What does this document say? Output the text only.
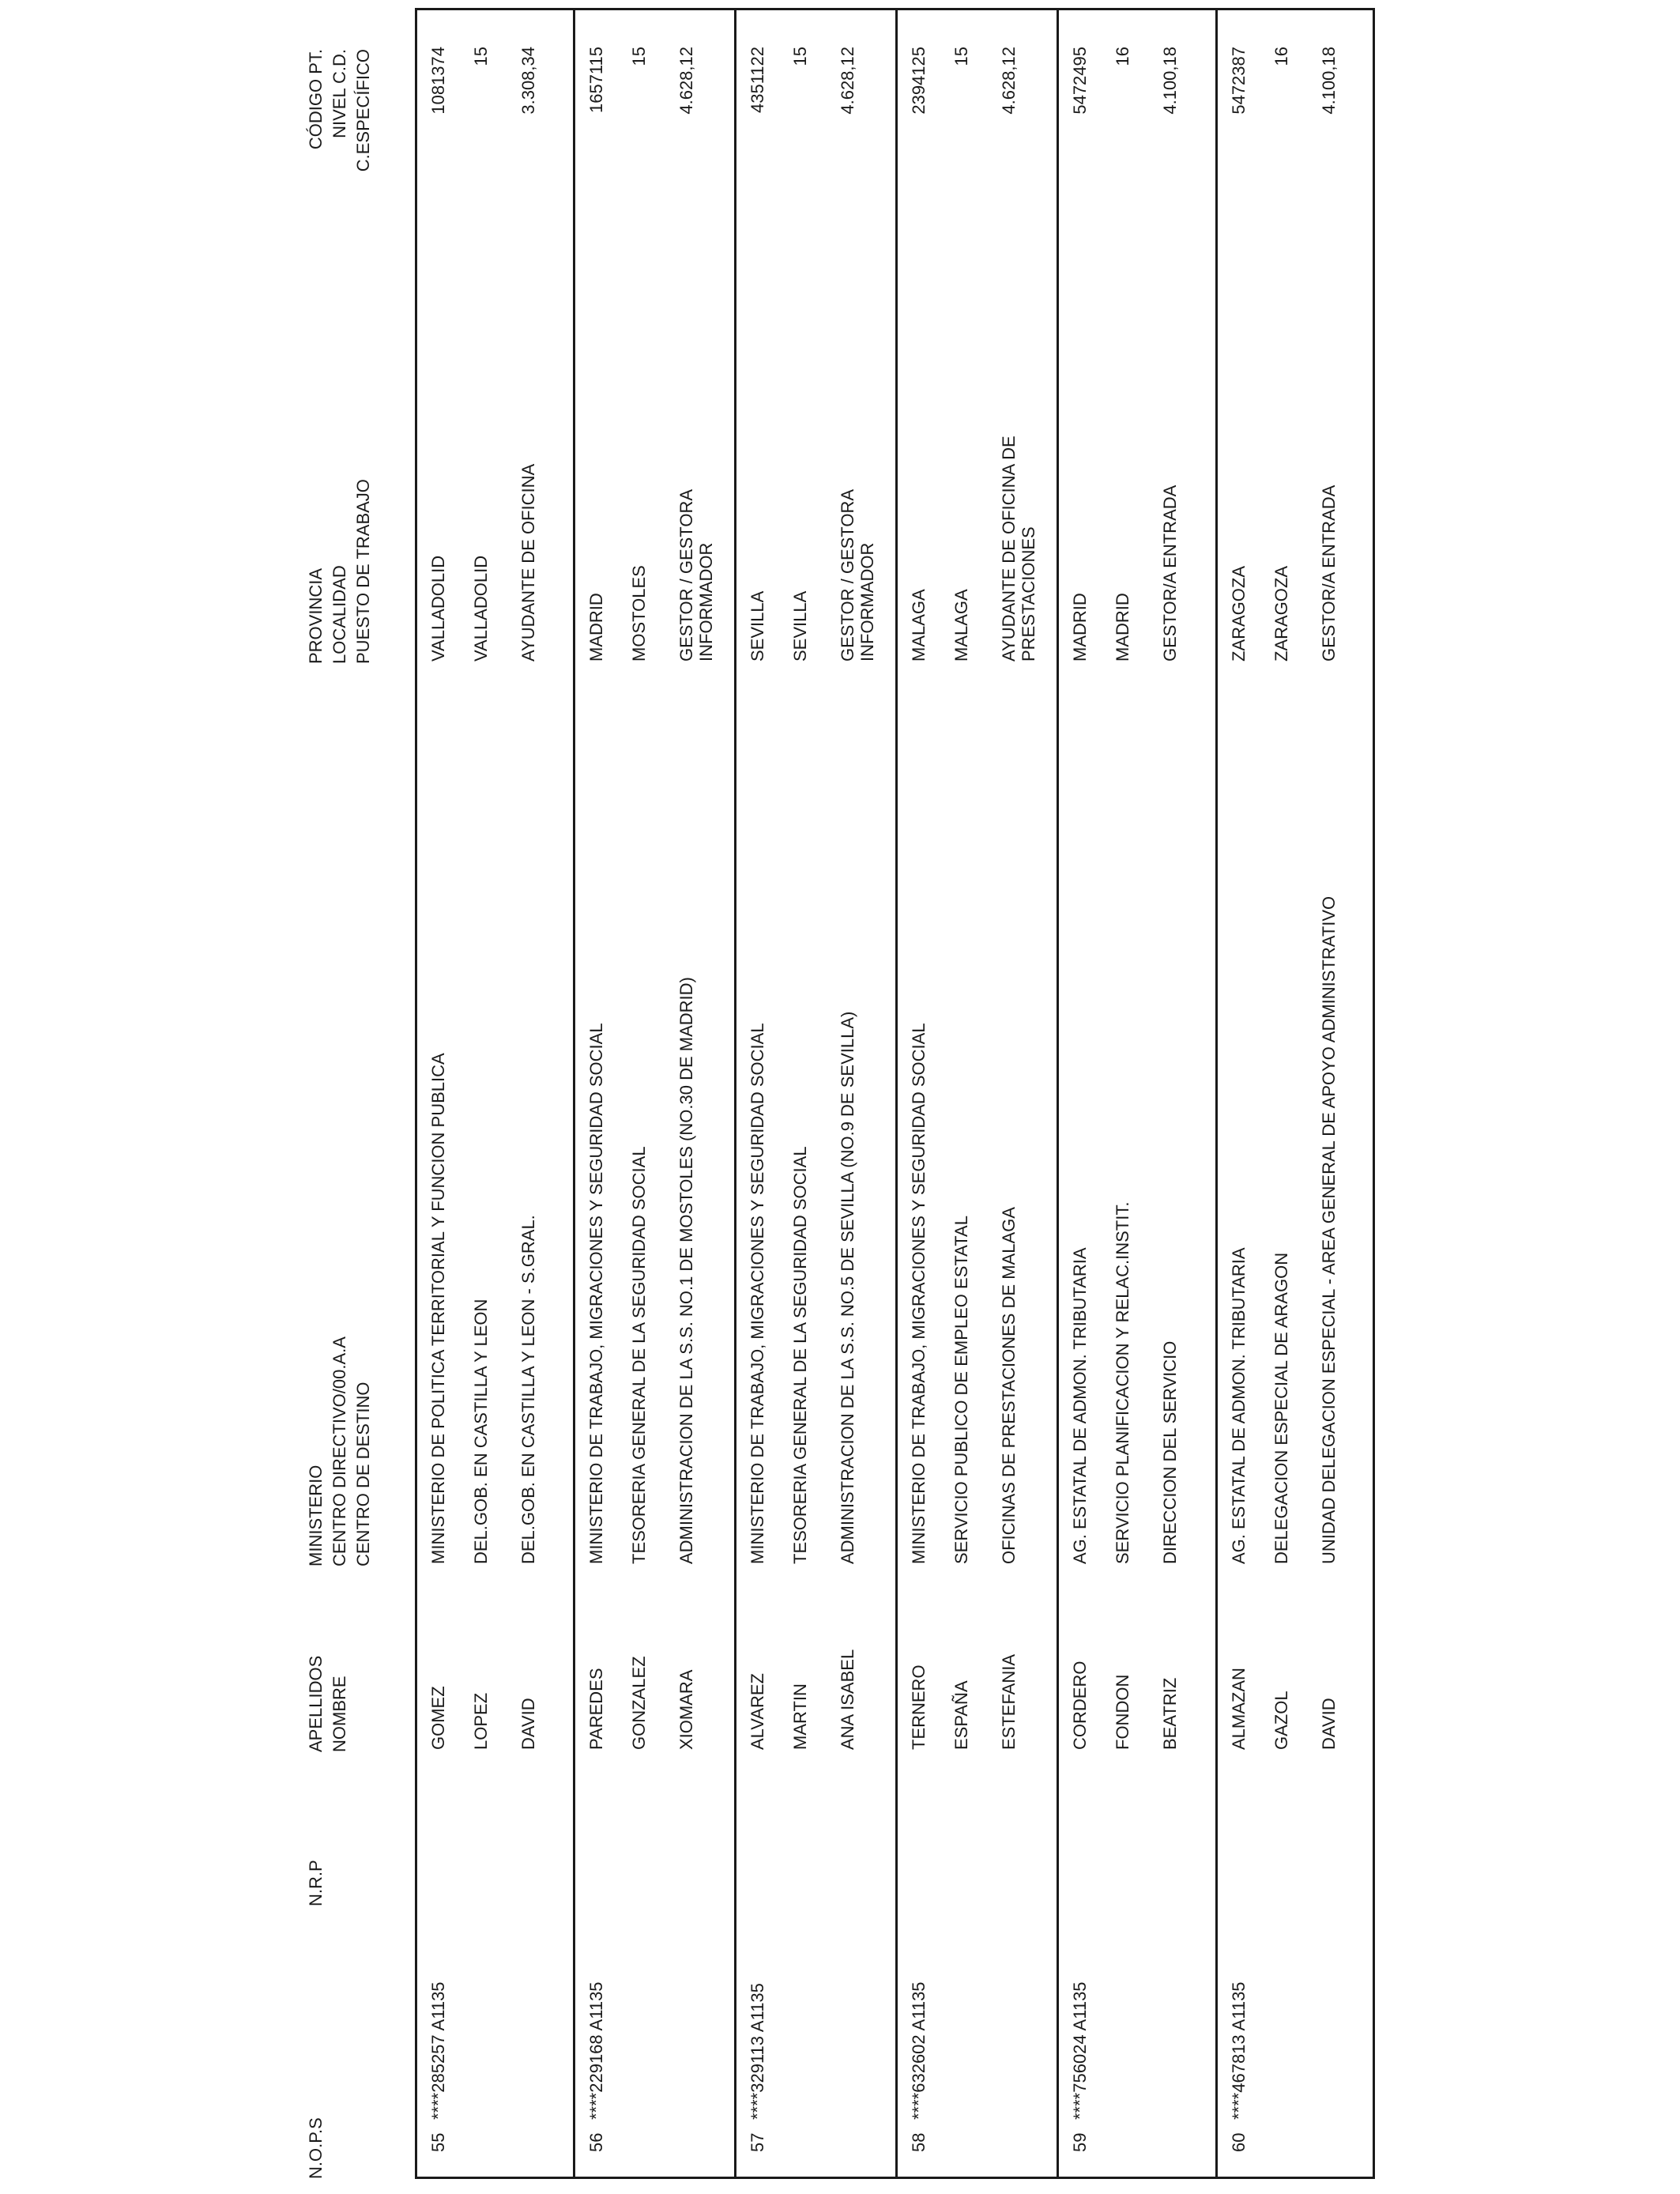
N.O.P.S
N.R.P
APELLIDOS NOMBRE
MINISTERIO CENTRO DIRECTIVO/00.A.A CENTRO DE DESTINO
PROVINCIA LOCALIDAD PUESTO DE TRABAJO
CÓDIGO PT. NIVEL C.D. C.ESPECÍFICO
55
****285257 A1135
GOMEZ
MINISTERIO DE POLITICA TERRITORIAL Y FUNCION PUBLICA
VALLADOLID
1081374
LOPEZ
DEL.GOB. EN CASTILLA Y LEON
VALLADOLID
15
DAVID
DEL.GOB. EN CASTILLA Y LEON - S.GRAL.
AYUDANTE DE OFICINA
3.308,34
56
****229168 A1135
PAREDES
MINISTERIO DE TRABAJO, MIGRACIONES Y SEGURIDAD SOCIAL
MADRID
1657115
GONZALEZ
TESORERIA GENERAL DE LA SEGURIDAD SOCIAL
MOSTOLES
15
XIOMARA
ADMINISTRACION DE LA S.S. NO.1 DE MOSTOLES (NO.30 DE MADRID)
GESTOR / GESTORA INFORMADOR
4.628,12
57
****329113 A1135
ALVAREZ
MINISTERIO DE TRABAJO, MIGRACIONES Y SEGURIDAD SOCIAL
SEVILLA
4351122
MARTIN
TESORERIA GENERAL DE LA SEGURIDAD SOCIAL
SEVILLA
15
ANA ISABEL
ADMINISTRACION DE LA S.S. NO.5 DE SEVILLA (NO.9 DE SEVILLA)
GESTOR / GESTORA INFORMADOR
4.628,12
58
****632602 A1135
TERNERO
MINISTERIO DE TRABAJO, MIGRACIONES Y SEGURIDAD SOCIAL
MALAGA
2394125
ESPAÑA
SERVICIO PUBLICO DE EMPLEO ESTATAL
MALAGA
15
ESTEFANIA
OFICINAS DE PRESTACIONES DE MALAGA
AYUDANTE DE OFICINA DE PRESTACIONES
4.628,12
59
****756024 A1135
CORDERO
AG. ESTATAL DE ADMON. TRIBUTARIA
MADRID
5472495
FONDON
SERVICIO PLANIFICACION Y RELAC.INSTIT.
MADRID
16
BEATRIZ
DIRECCION DEL SERVICIO
GESTOR/A ENTRADA
4.100,18
60
****467813 A1135
ALMAZAN
AG. ESTATAL DE ADMON. TRIBUTARIA
ZARAGOZA
5472387
GAZOL
DELEGACION ESPECIAL DE ARAGON
ZARAGOZA
16
DAVID
UNIDAD DELEGACION ESPECIAL - AREA GENERAL DE APOYO ADMINISTRATIVO
GESTOR/A ENTRADA
4.100,18
